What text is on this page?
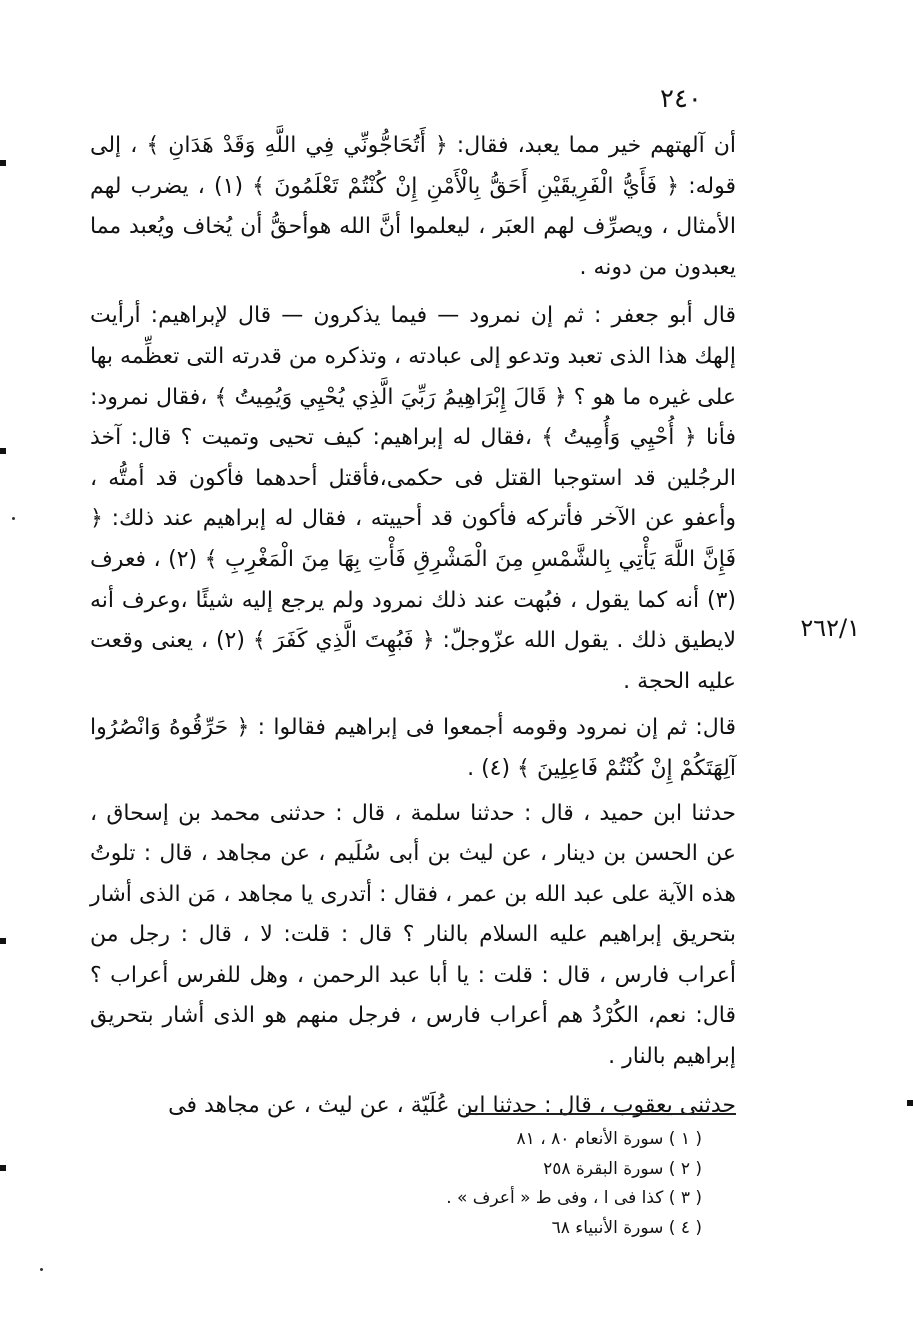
٢٤٠
٢٦٢/١

أن آلهتهم خير مما يعبد، فقال: ﴿ أَتُحَاجُّونِّي فِي اللَّهِ وَقَدْ هَدَانِ ﴾ ، إلى قوله: ﴿ فَأَيُّ الْفَرِيقَيْنِ أَحَقُّ بِالْأَمْنِ إِنْ كُنْتُمْ تَعْلَمُونَ ﴾ (١) ، يضرب لهم الأمثال ، ويصرِّف لهم العبَر ، ليعلموا أنَّ الله هوأحقُّ أن يُخاف ويُعبد مما يعبدون من دونه .

قال أبو جعفر : ثم إن نمرود — فيما يذكرون — قال لإبراهيم: أرأيت إلهك هذا الذى تعبد وتدعو إلى عبادته ، وتذكره من قدرته التى تعظِّمه بها على غيره ما هو ؟ ﴿ قَالَ إِبْرَاهِيمُ رَبِّيَ الَّذِي يُحْيِي وَيُمِيتُ ﴾ ،فقال نمرود: فأنا ﴿ أُحْيِي وَأُمِيتُ ﴾ ،فقال له إبراهيم: كيف تحيى وتميت ؟ قال: آخذ الرجُلين قد استوجبا القتل فى حكمى،فأقتل أحدهما فأكون قد أمتُّه ، وأعفو عن الآخر فأتركه فأكون قد أحييته ، فقال له إبراهيم عند ذلك: ﴿ فَإِنَّ اللَّهَ يَأْتِي بِالشَّمْسِ مِنَ الْمَشْرِقِ فَأْتِ بِهَا مِنَ الْمَغْرِبِ ﴾ (٢) ، فعرف (٣) أنه كما يقول ، فبُهت عند ذلك نمرود ولم يرجع إليه شيئًا ،وعرف أنه لايطيق ذلك . يقول الله عزّوجلّ: ﴿ فَبُهِتَ الَّذِي كَفَرَ ﴾ (٢) ، يعنى وقعت عليه الحجة .

قال: ثم إن نمرود وقومه أجمعوا فى إبراهيم فقالوا : ﴿ حَرِّقُوهُ وَانْصُرُوا آلِهَتَكُمْ إِنْ كُنْتُمْ فَاعِلِينَ ﴾ (٤) .

حدثنا ابن حميد ، قال : حدثنا سلمة ، قال : حدثنى محمد بن إسحاق ، عن الحسن بن دينار ، عن ليث بن أبى سُلَيم ، عن مجاهد ، قال : تلوتُ هذه الآية على عبد الله بن عمر ، فقال : أتدرى يا مجاهد ، مَن الذى أشار بتحريق إبراهيم عليه السلام بالنار ؟ قال : قلت: لا ، قال : رجل من أعراب فارس ، قال : قلت : يا أبا عبد الرحمن ، وهل للفرس أعراب ؟ قال: نعم، الكُرْدُ هم أعراب فارس ، فرجل منهم هو الذى أشار بتحريق إبراهيم بالنار .

حدثنى يعقوب ، قال : حدثنا ابن عُلَيّة ، عن ليث ، عن مجاهد فى

( ١ ) سورة الأنعام ٨٠ ، ٨١
( ٢ ) سورة البقرة ٢٥٨
( ٣ ) كذا فى ا ، وفى ط « أعرف » .
( ٤ ) سورة الأنبياء ٦٨
